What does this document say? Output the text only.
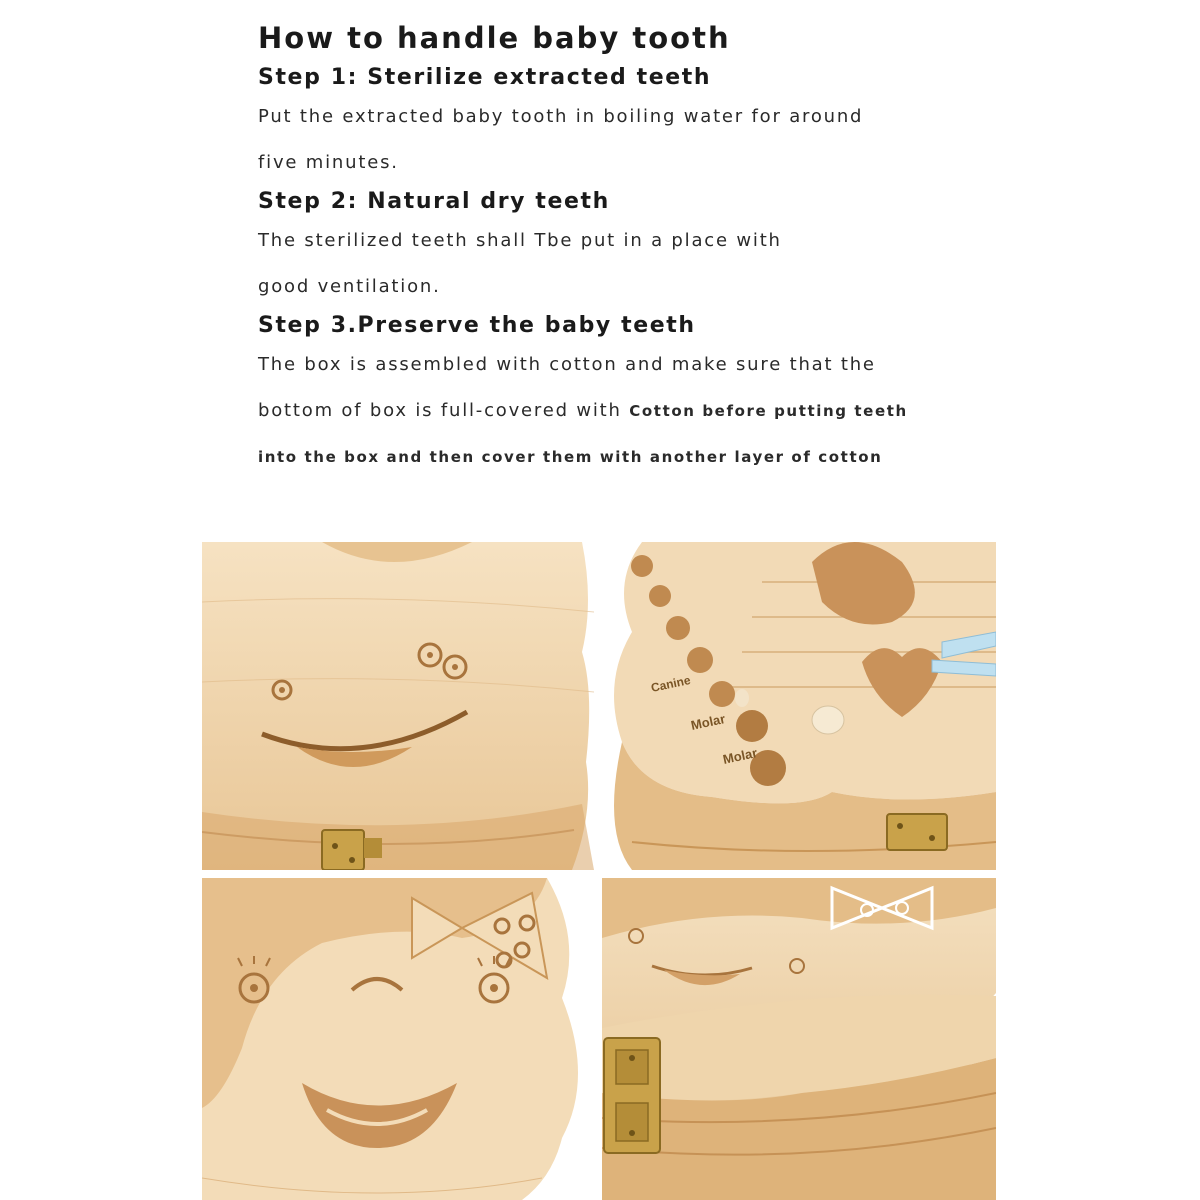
How to handle baby tooth
Step 1: Sterilize extracted teeth
Put the extracted baby tooth in boiling water for around
five minutes.
Step 2: Natural dry teeth
The sterilized teeth shall Tbe put in a place with
good ventilation.
Step 3.Preserve the baby teeth
The box is assembled with cotton and make sure that the
bottom of box is full-covered with Cotton before putting teeth
into the box and then cover them with another layer of cotton
Canine
Molar
Molar
